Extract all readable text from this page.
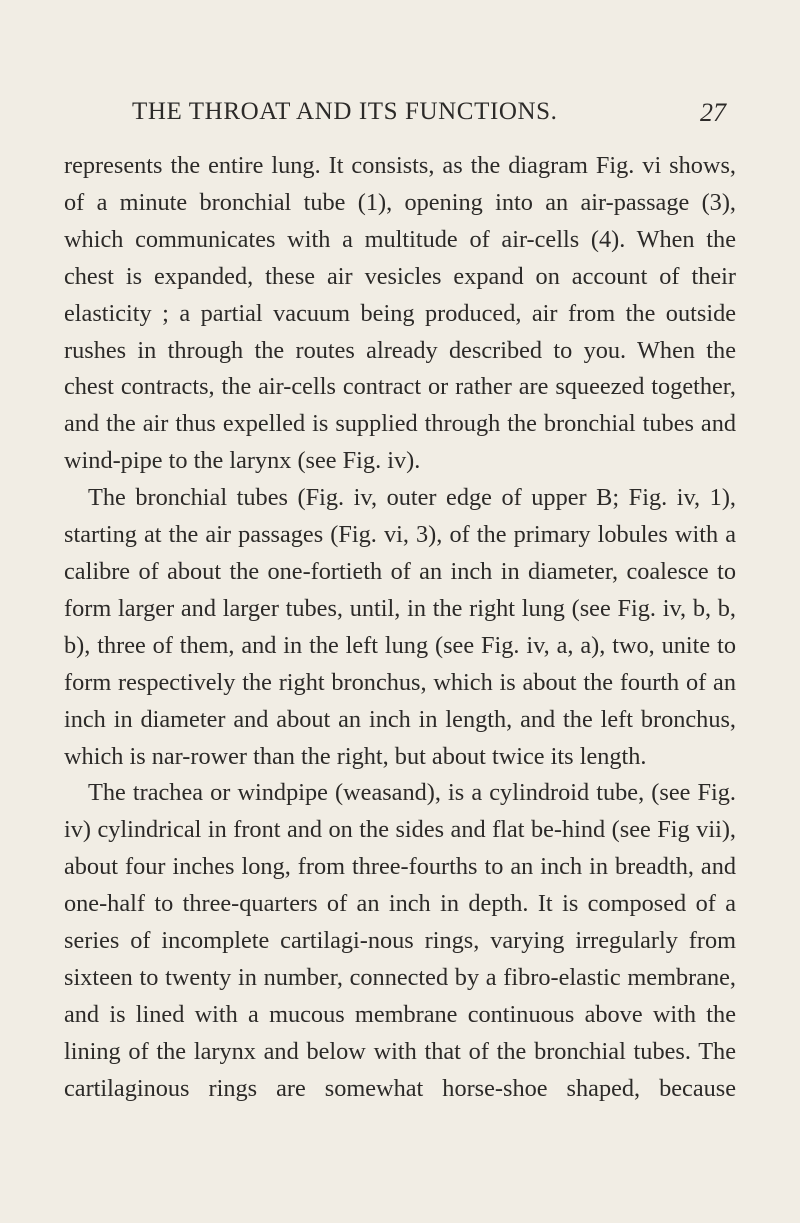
THE THROAT AND ITS FUNCTIONS.	27

represents the entire lung. It consists, as the diagram Fig. vi shows, of a minute bronchial tube (1), opening into an air-passage (3), which communicates with a multitude of air-cells (4). When the chest is expanded, these air vesicles expand on account of their elasticity ; a partial vacuum being produced, air from the outside rushes in through the routes already described to you. When the chest contracts, the air-cells contract or rather are squeezed together, and the air thus expelled is supplied through the bronchial tubes and wind-pipe to the larynx (see Fig. iv).

The bronchial tubes (Fig. iv, outer edge of upper B; Fig. iv, 1), starting at the air passages (Fig. vi, 3), of the primary lobules with a calibre of about the one-fortieth of an inch in diameter, coalesce to form larger and larger tubes, until, in the right lung (see Fig. iv, b, b, b), three of them, and in the left lung (see Fig. iv, a, a), two, unite to form respectively the right bronchus, which is about the fourth of an inch in diameter and about an inch in length, and the left bronchus, which is nar-rower than the right, but about twice its length.

The trachea or windpipe (weasand), is a cylindroid tube, (see Fig. iv) cylindrical in front and on the sides and flat be-hind (see Fig vii), about four inches long, from three-fourths to an inch in breadth, and one-half to three-quarters of an inch in depth. It is composed of a series of incomplete cartilagi-nous rings, varying irregularly from sixteen to twenty in number, connected by a fibro-elastic membrane, and is lined with a mucous membrane continuous above with the lining of the larynx and below with that of the bronchial tubes. The cartilaginous rings are somewhat horse-shoe shaped, because
